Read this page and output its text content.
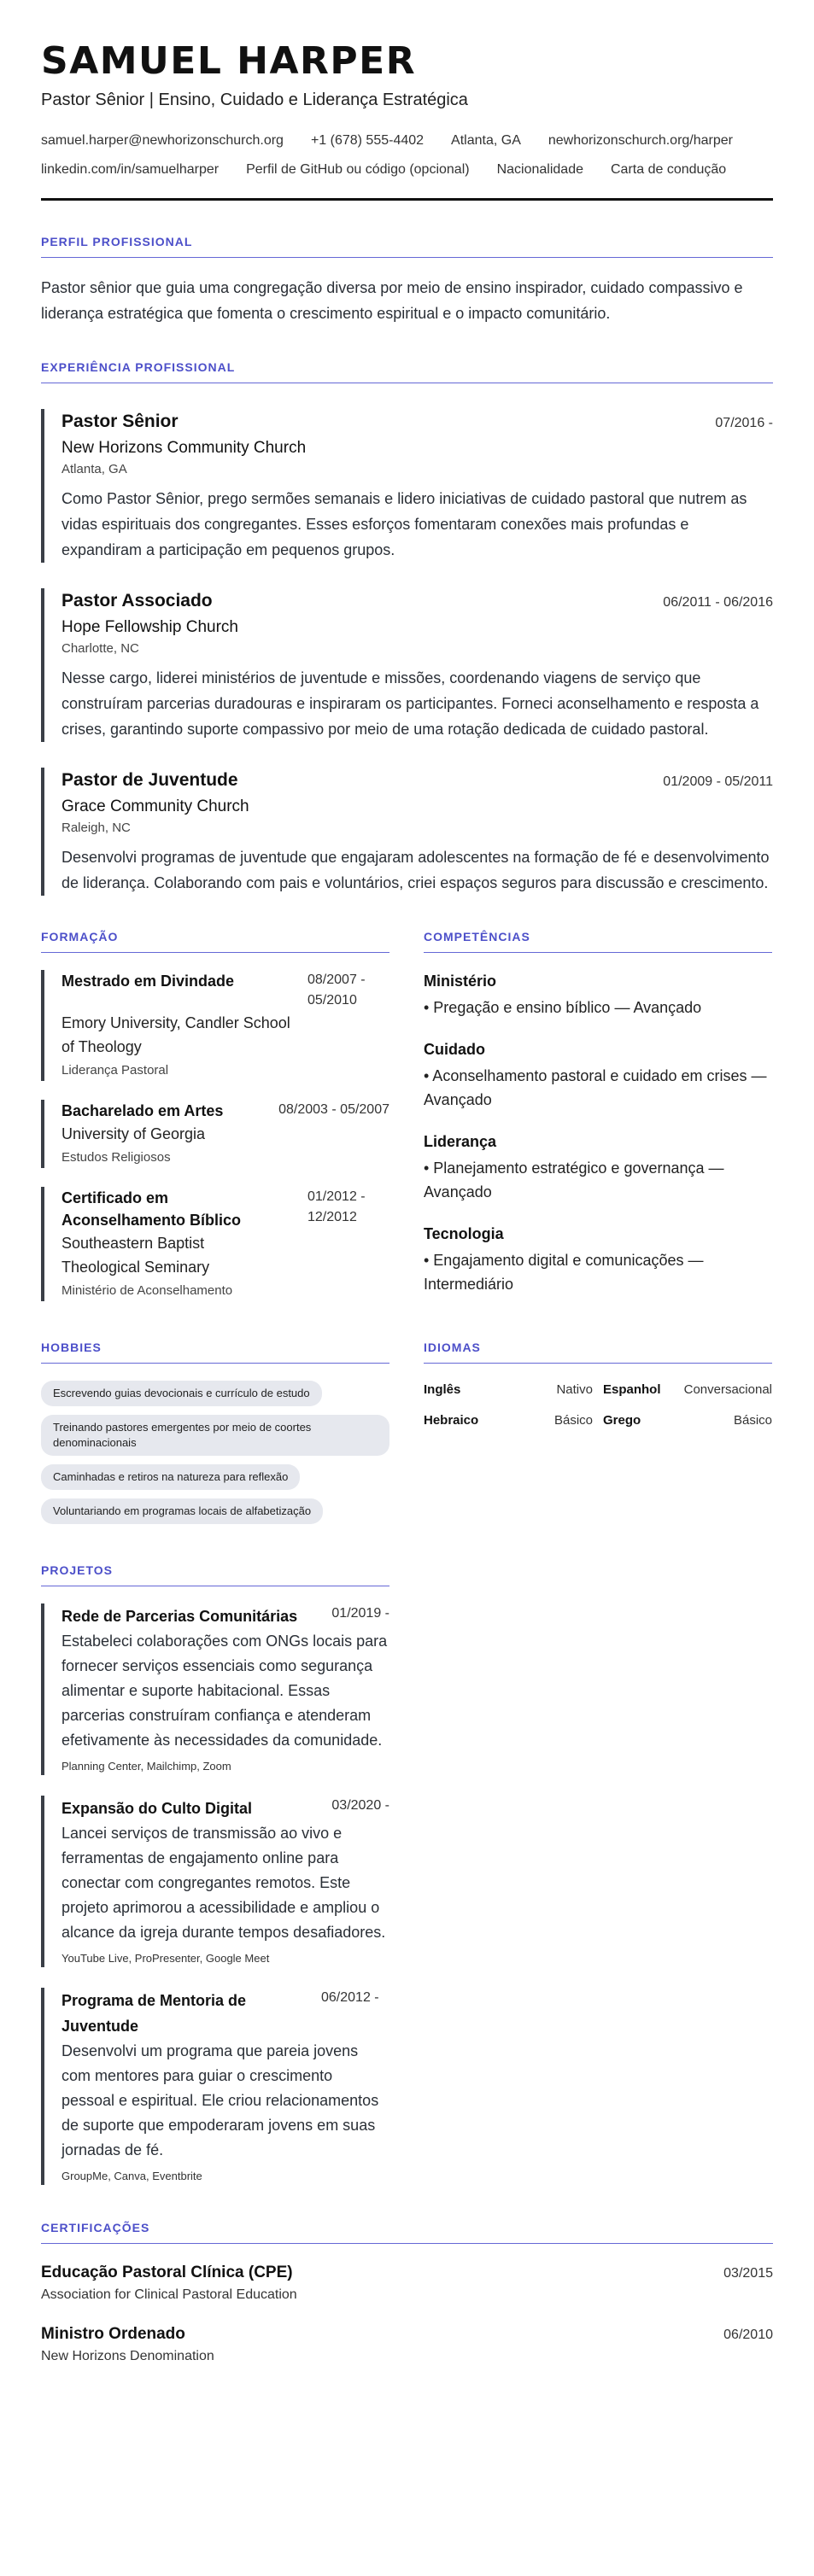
SAMUEL HARPER
Pastor Sênior | Ensino, Cuidado e Liderança Estratégica
samuel.harper@newhorizonschurch.org +1 (678) 555-4402 Atlanta, GA newhorizonschurch.org/harper
linkedin.com/in/samuelharper Perfil de GitHub ou código (opcional) Nacionalidade Carta de condução
PERFIL PROFISSIONAL

Pastor sênior que guia uma congregação diversa por meio de ensino inspirador, cuidado compassivo e liderança estratégica que fomenta o crescimento espiritual e o impacto comunitário.

EXPERIÊNCIA PROFISSIONAL
Pastor Sênior	07/2016 -
New Horizons Community Church
Atlanta, GA

Como Pastor Sênior, prego sermões semanais e lidero iniciativas de cuidado pastoral que nutrem as vidas espirituais dos congregantes. Esses esforços fomentaram conexões mais profundas e expandiram a participação em pequenos grupos.

Pastor Associado	06/2011 - 06/2016
Hope Fellowship Church
Charlotte, NC

Nesse cargo, liderei ministérios de juventude e missões, coordenando viagens de serviço que construíram parcerias duradouras e inspiraram os participantes. Forneci aconselhamento e resposta a crises, garantindo suporte compassivo por meio de uma rotação dedicada de cuidado pastoral.

Pastor de Juventude	01/2009 - 05/2011
Grace Community Church
Raleigh, NC

Desenvolvi programas de juventude que engajaram adolescentes na formação de fé e desenvolvimento de liderança. Colaborando com pais e voluntários, criei espaços seguros para discussão e crescimento.

FORMAÇÃO
Mestrado em Divindade	08/2007 - 05/2010
Emory University, Candler School of Theology
Liderança Pastoral
Bacharelado em Artes	08/2003 - 05/2007
University of Georgia
Estudos Religiosos
Certificado em Aconselhamento Bíblico
01/2012 - 12/2012
Southeastern Baptist Theological Seminary
Ministério de Aconselhamento
COMPETÊNCIAS
Ministério
• Pregação e ensino bíblico — Avançado
Cuidado
• Aconselhamento pastoral e cuidado em crises — Avançado
Liderança
• Planejamento estratégico e governança — Avançado
Tecnologia
• Engajamento digital e comunicações — Intermediário
HOBBIES
Escrevendo guias devocionais e currículo de estudo
Treinando pastores emergentes por meio de coortes denominacionais
Caminhadas e retiros na natureza para reflexão
Voluntariando em programas locais de alfabetização
IDIOMAS
Inglês	Nativo Espanhol Conversacional
Hebraico	Básico Grego	Básico
PROJETOS
Rede de Parcerias Comunitárias	01/2019 -

Estabeleci colaborações com ONGs locais para fornecer serviços essenciais como segurança alimentar e suporte habitacional. Essas parcerias construíram confiança e atenderam efetivamente às necessidades da comunidade.

Planning Center, Mailchimp, Zoom
Expansão do Culto Digital	03/2020 -

Lancei serviços de transmissão ao vivo e ferramentas de engajamento online para conectar com congregantes remotos. Este projeto aprimorou a acessibilidade e ampliou o alcance da igreja durante tempos desafiadores.

YouTube Live, ProPresenter, Google Meet
Programa de Mentoria de Juventude
06/2012 -

Desenvolvi um programa que pareia jovens com mentores para guiar o crescimento pessoal e espiritual. Ele criou relacionamentos de suporte que empoderaram jovens em suas jornadas de fé.

GroupMe, Canva, Eventbrite
CERTIFICAÇÕES
Educação Pastoral Clínica (CPE)	03/2015
Association for Clinical Pastoral Education
Ministro Ordenado	06/2010
New Horizons Denomination
